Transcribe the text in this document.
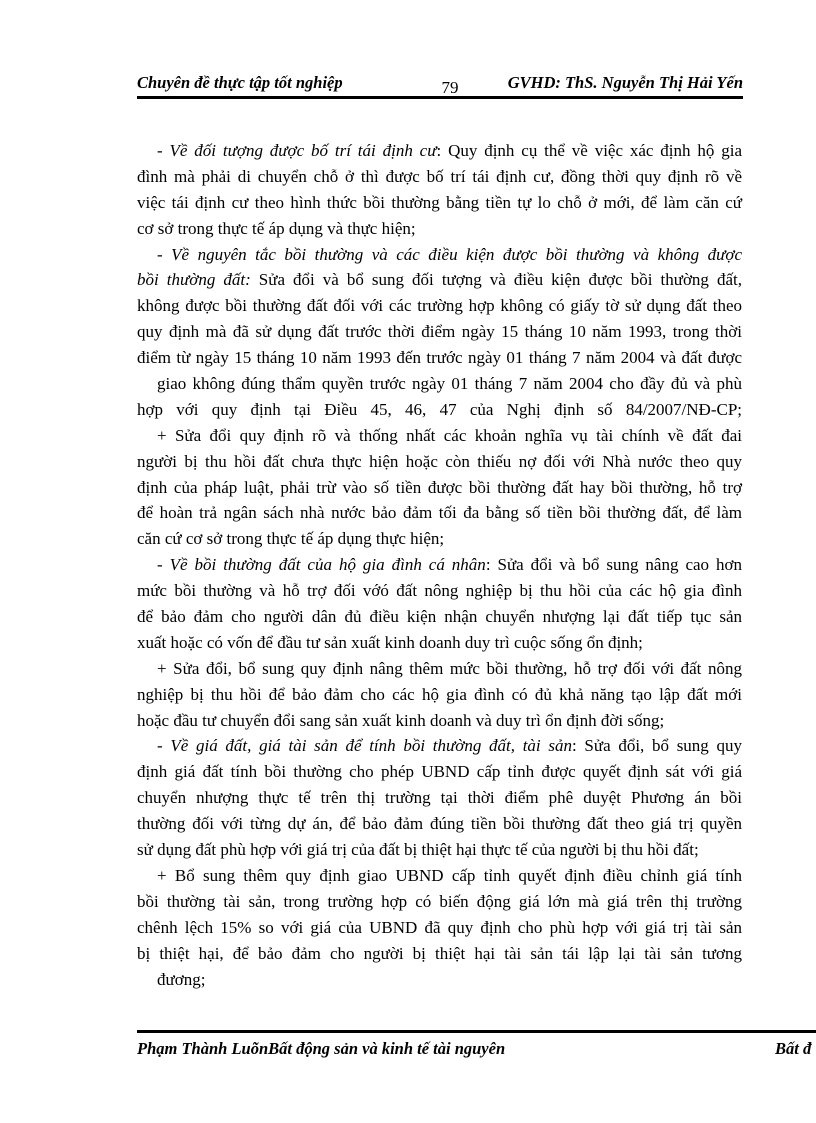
79
Chuyên đề thực tập tốt nghiệp	GVHD: ThS. Nguyễn Thị Hải Yến
- Về đối tượng được bố trí tái định cư: Quy định cụ thể về việc xác định hộ gia
đình mà phải di chuyển chỗ ở thì được bố trí tái định cư, đồng thời quy định rõ về
việc tái định cư theo hình thức bồi thường bằng tiền tự lo chỗ ở mới, để làm căn cứ
cơ sở trong thực tế áp dụng và thực hiện;
- Về nguyên tắc bồi thường và các điều kiện được bồi thường và không được
bồi thường đất: Sửa đổi và bổ sung đối tượng và điều kiện được bồi thường đất,
không được bồi thường đất đối với các trường hợp không có giấy tờ sử dụng đất theo
quy định mà đã sử dụng đất trước thời điểm ngày 15 tháng 10 năm 1993, trong thời
điểm từ ngày 15 tháng 10 năm 1993 đến trước ngày 01 tháng 7 năm 2004 và đất được
giao không đúng thẩm quyền trước ngày 01 tháng 7 năm 2004 cho đầy đủ và phù
hợp với quy định tại Điều 45, 46, 47 của Nghị định số 84/2007/NĐ-CP;
+ Sửa đổi quy định rõ và thống nhất các khoản nghĩa vụ tài chính về đất đai
người bị thu hồi đất chưa thực hiện hoặc còn thiếu nợ đối với Nhà nước theo quy
định của pháp luật, phải trừ vào số tiền được bồi thường đất hay bồi thường, hỗ trợ
để hoàn trả ngân sách nhà nước bảo đảm tối đa bằng số tiền bồi thường đất, để làm
căn cứ cơ sở trong thực tế áp dụng thực hiện;
- Về bồi thường đất của hộ gia đình cá nhân: Sửa đổi và bổ sung nâng cao hơn
mức bồi thường và hỗ trợ đối vớó đất nông nghiệp bị thu hồi của các hộ gia đình
để bảo đảm cho người dân đủ điều kiện nhận chuyển nhượng lại đất tiếp tục sản
xuất hoặc có vốn để đầu tư sản xuất kinh doanh duy trì cuộc sống ổn định;
+ Sửa đổi, bổ sung quy định nâng thêm mức bồi thường, hỗ trợ đối với đất nông
nghiệp bị thu hồi để bảo đảm cho các hộ gia đình có đủ khả năng tạo lập đất mới
hoặc đầu tư chuyển đổi sang sản xuất kinh doanh và duy trì ổn định đời sống;
- Về giá đất, giá tài sản để tính bồi thường đất, tài sản: Sửa đổi, bổ sung quy
định giá đất tính bồi thường cho phép UBND cấp tỉnh được quyết định sát với giá
chuyển nhượng thực tế trên thị trường tại thời điểm phê duyệt Phương án bồi
thường đối với từng dự án, để bảo đảm đúng tiền bồi thường đất theo giá trị quyền
sử dụng đất phù hợp với giá trị của đất bị thiệt hại thực tế của người bị thu hồi đất;
+ Bổ sung thêm quy định giao UBND cấp tỉnh quyết định điều chỉnh giá tính
bồi thường tài sản, trong trường hợp có biến động giá lớn mà giá trên thị trường
chênh lệch 15% so với giá của UBND đã quy định cho phù hợp với giá trị tài sản
bị thiệt hại, để bảo đảm cho người bị thiệt hại tài sản tái lập lại tài sản tương
đương;
Phạm Thành LuõnBất động sản và kinh tế tài nguyên	Bất đ
